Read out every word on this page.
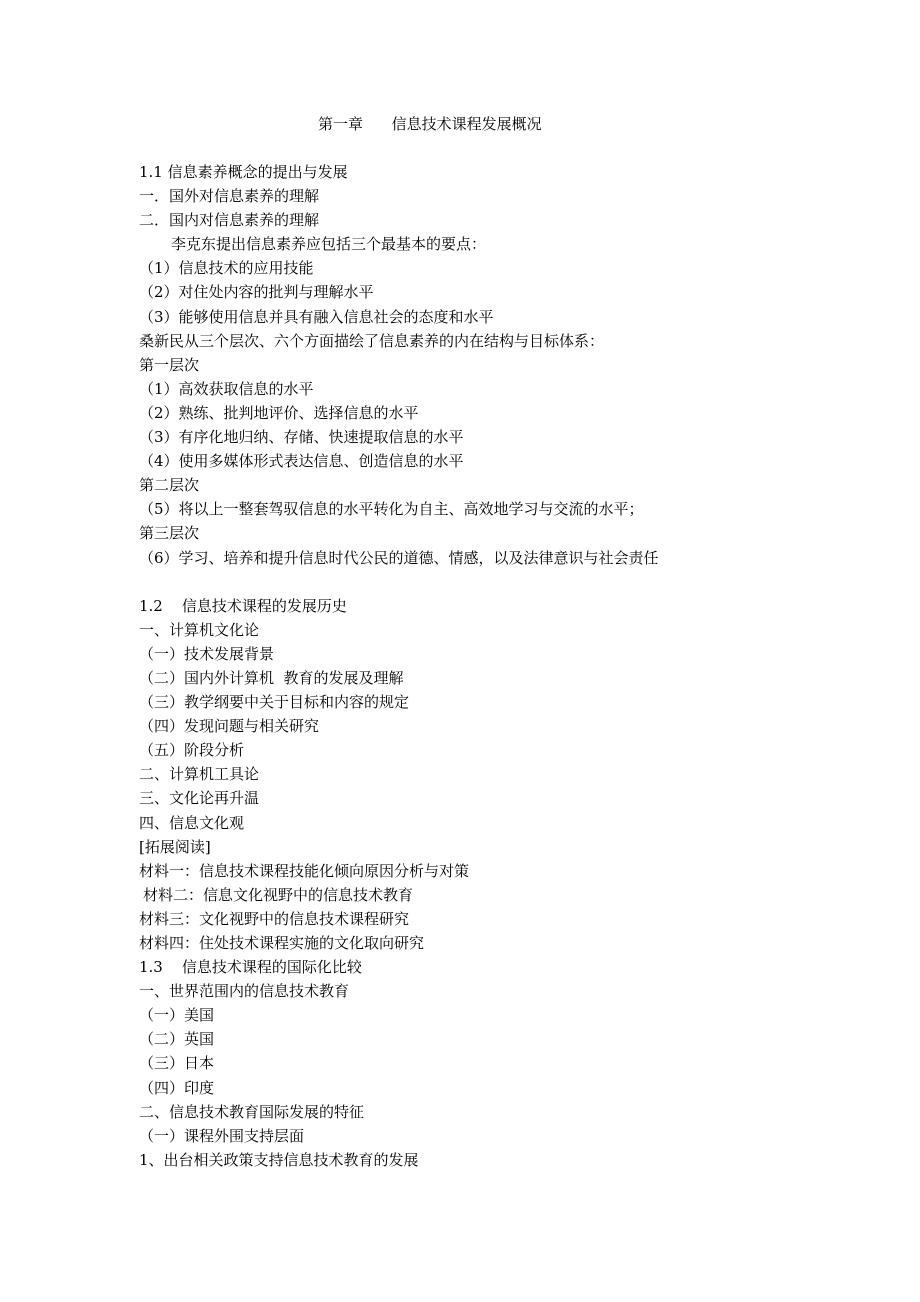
第一章      信息技术课程发展概况
1.1 信息素养概念的提出与发展
一．国外对信息素养的理解
二．国内对信息素养的理解
李克东提出信息素养应包括三个最基本的要点：
（1）信息技术的应用技能
（2）对住处内容的批判与理解水平
（3）能够使用信息并具有融入信息社会的态度和水平
桑新民从三个层次、六个方面描绘了信息素养的内在结构与目标体系：
第一层次
（1）高效获取信息的水平
（2）熟练、批判地评价、选择信息的水平
（3）有序化地归纳、存储、快速提取信息的水平
（4）使用多媒体形式表达信息、创造信息的水平
第二层次
（5）将以上一整套驾驭信息的水平转化为自主、高效地学习与交流的水平；
第三层次
（6）学习、培养和提升信息时代公民的道德、情感，以及法律意识与社会责任
1.2    信息技术课程的发展历史
一、计算机文化论
（一）技术发展背景
（二）国内外计算机  教育的发展及理解
（三）教学纲要中关于目标和内容的规定
（四）发现问题与相关研究
（五）阶段分析
二、计算机工具论
三、文化论再升温
四、信息文化观
[拓展阅读]
材料一：信息技术课程技能化倾向原因分析与对策
材料二：信息文化视野中的信息技术教育
材料三：文化视野中的信息技术课程研究
材料四：住处技术课程实施的文化取向研究
1.3    信息技术课程的国际化比较
一、世界范围内的信息技术教育
（一）美国
（二）英国
（三）日本
（四）印度
二、信息技术教育国际发展的特征
（一）课程外围支持层面
1、出台相关政策支持信息技术教育的发展
